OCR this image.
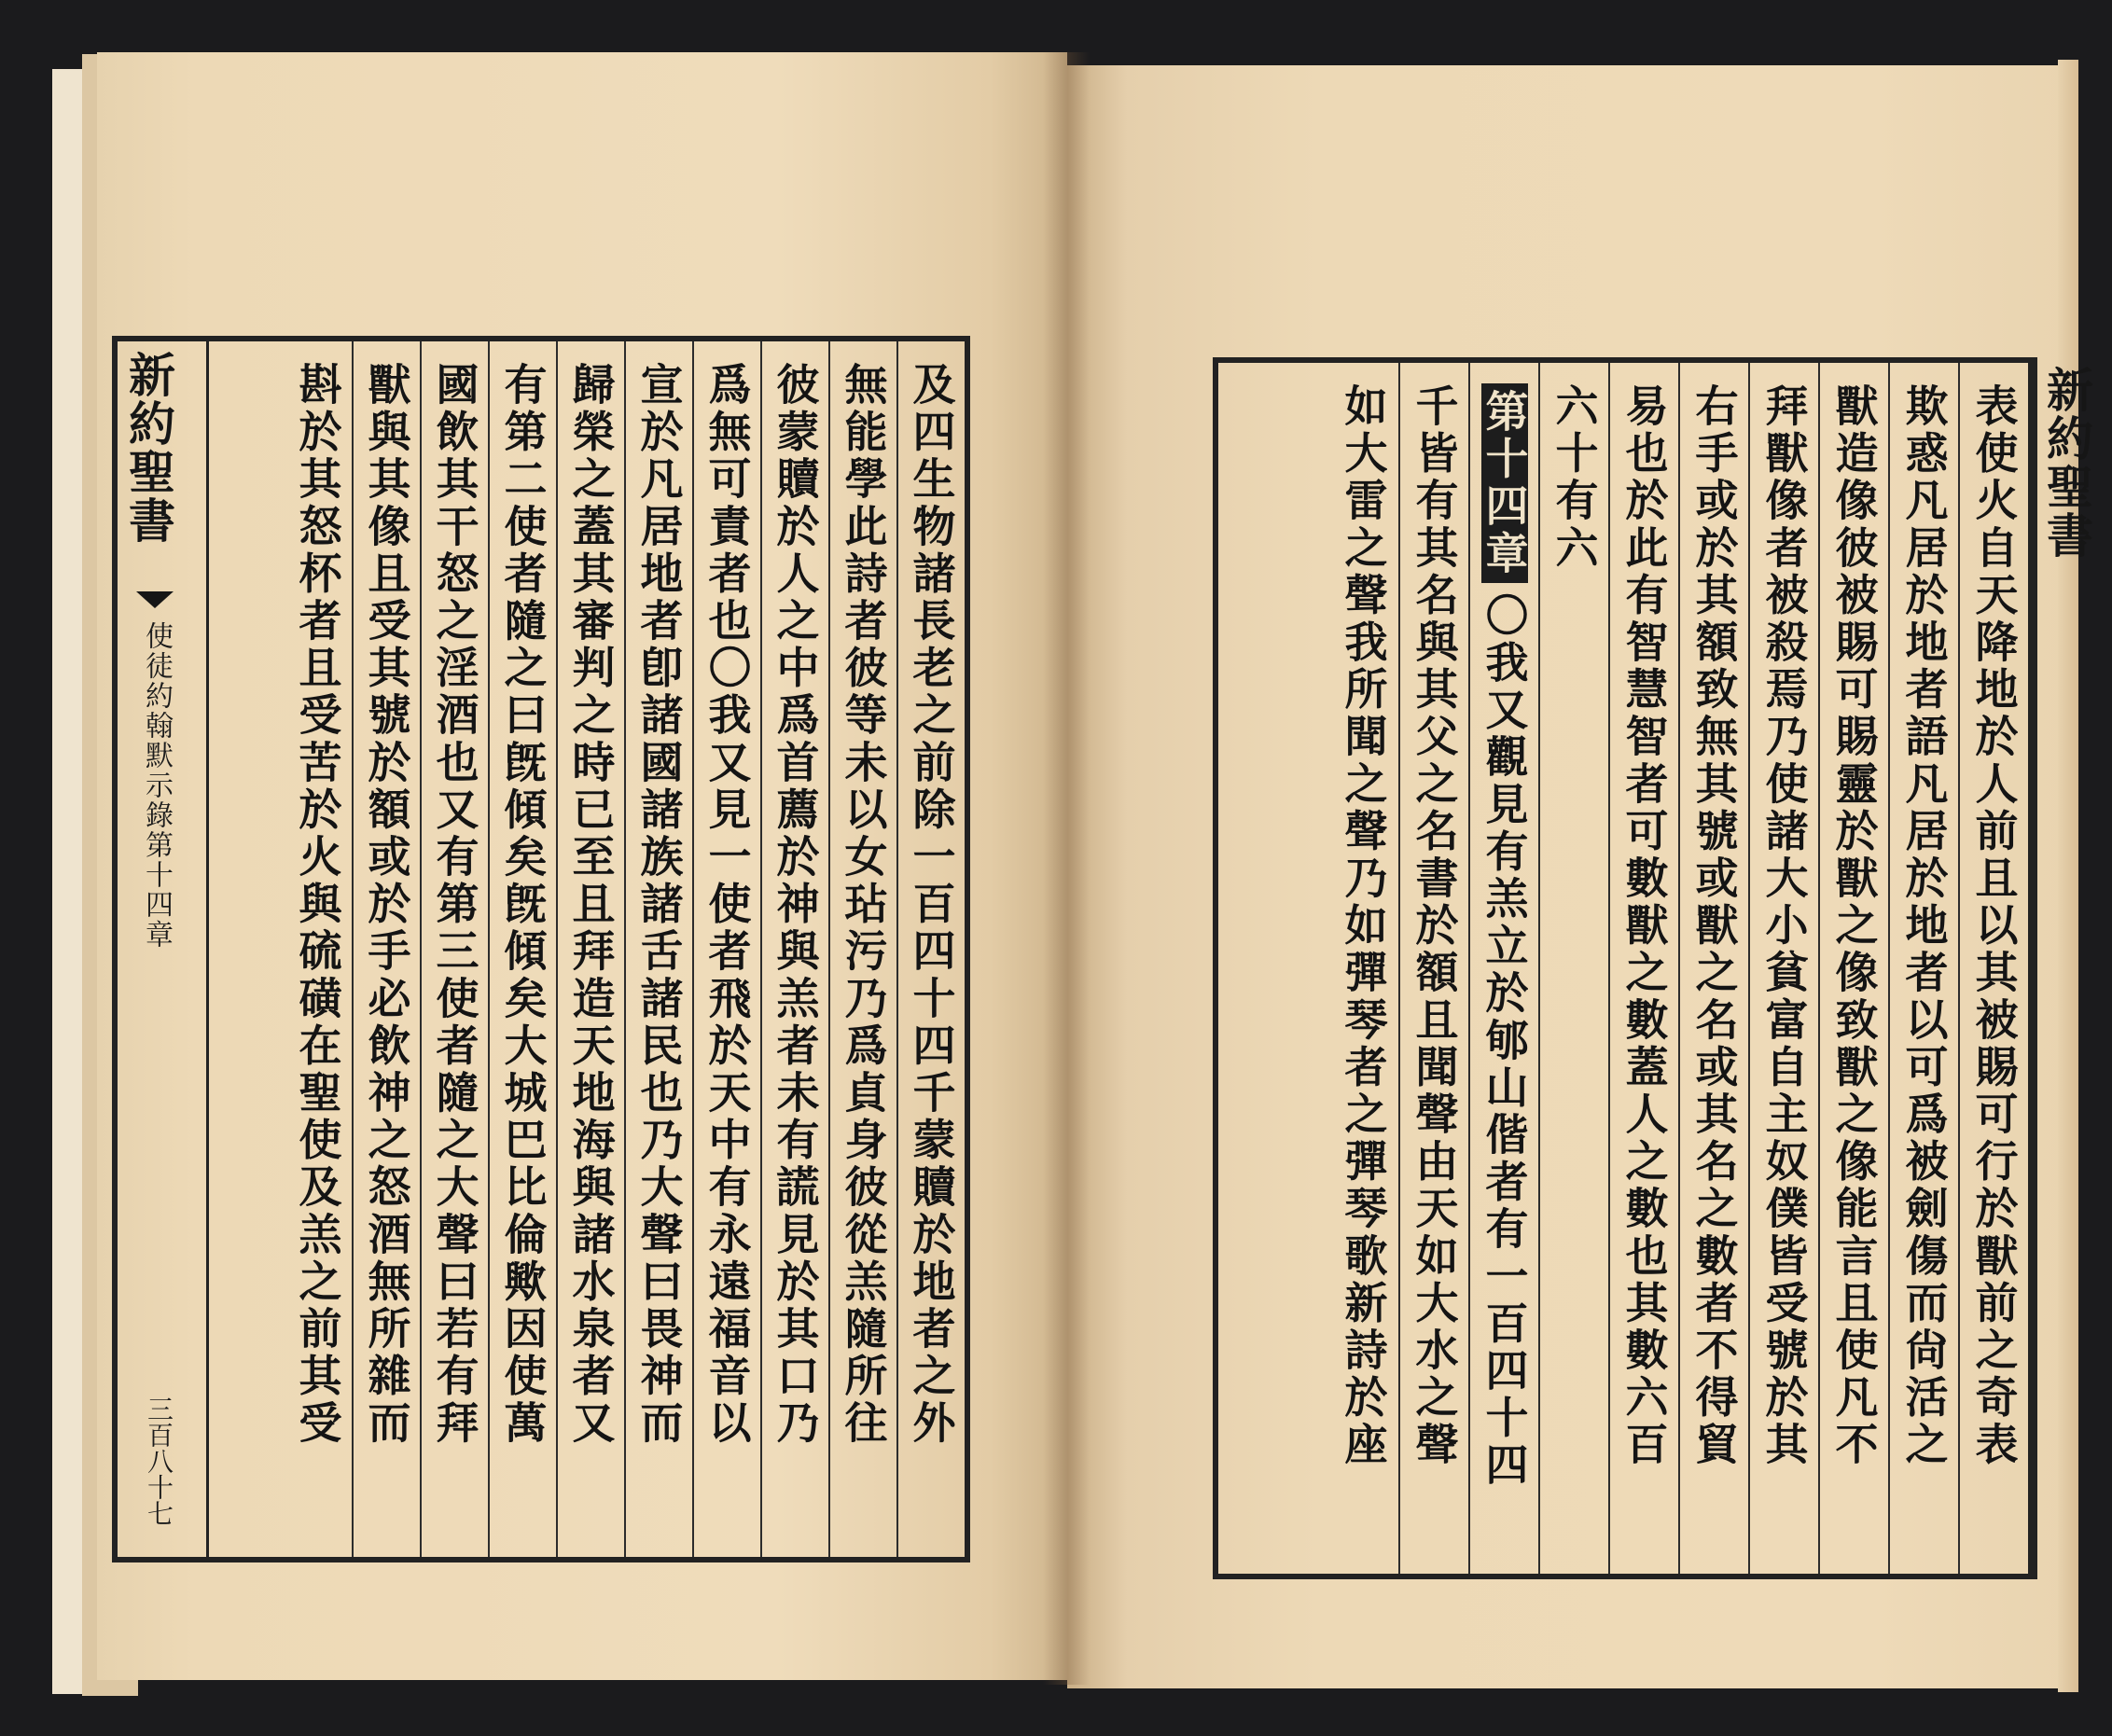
新約聖書
使徒約翰默示錄第十四章
三百八十七
及四生物諸長老之前除一百四十四千蒙贖於地者之外
無能學此詩者彼等未以女玷污乃爲貞身彼從羔隨所往
彼蒙贖於人之中爲首薦於神與羔者未有謊見於其口乃
爲無可責者也〇我又見一使者飛於天中有永遠福音以
宣於凡居地者卽諸國諸族諸舌諸民也乃大聲曰畏神而
歸榮之蓋其審判之時已至且拜造天地海與諸水泉者又
有第二使者隨之曰旣傾矣旣傾矣大城巴比倫歟因使萬
國飲其干怒之淫酒也又有第三使者隨之大聲曰若有拜
獸與其像且受其號於額或於手必飲神之怒酒無所雜而
斟於其怒杯者且受苦於火與硫磺在聖使及羔之前其受	表使火自天降地於人前且以其被賜可行於獸前之奇表
欺惑凡居於地者語凡居於地者以可爲被劍傷而尙活之
獸造像彼被賜可賜靈於獸之像致獸之像能言且使凡不
拜獸像者被殺焉乃使諸大小貧富自主奴僕皆受號於其
右手或於其額致無其號或獸之名或其名之數者不得貿
易也於此有智慧智者可數獸之數蓋人之數也其數六百
六十有六
第十四章〇我又觀見有羔立於郇山偕者有一百四十四
千皆有其名與其父之名書於額且聞聲由天如大水之聲
如大雷之聲我所聞之聲乃如彈琴者之彈琴歌新詩於座	新約聖書
